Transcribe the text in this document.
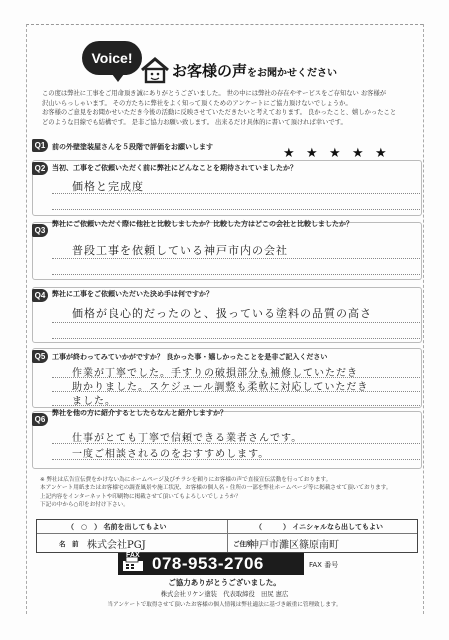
Voice!
お客様の声をお聞かせください

この度は弊社に工事をご用命頂き誠にありがとうございました。 世の中には弊社の存在やサービスをご存知ない お客様が

沢山いらっしゃいます。 その方たちに弊社をよく知って頂くためのアンケートにご協力頂けないでしょうか。

お客様のご意見をお聞かせいただき今後の活動に反映させていただきたいと考えております。 良かったこと、嬉しかったこと

どのような目線でも結構です。 是非ご協力お願い致します。 出来るだけ具体的に書いて頂ければ幸いです。

Q1 前の外壁塗装屋さんを５段階で評価をお願いします	★ ★ ★ ★ ★
Q2 当初、工事をご依頼いただく前に弊社にどんなことを期待されていましたか？
価格と完成度
Q3
弊社にご依頼いただく際に他社と比較しましたか？比較した方はどこの会社と比較しましたか？
普段工事を依頼している神戸市内の会社
Q4 弊社に工事をご依頼いただいた決め手は何ですか？
価格が良心的だったのと、扱っている塗料の品質の高さ
Q5 工事が終わってみていかがですか？ 良かった事・嬉しかったことを是非ご記入ください
作業が丁寧でした。手すりの破損部分も補修していただき
助かりました。スケジュール調整も柔軟に対応していただき
ました。
Q6
弊社を他の方に紹介するとしたらなんと紹介しますか？
仕事がとても丁寧で信頼できる業者さんです。
一度ご相談されるのをおすすめします。

※ 弊社は広告宣伝費をかけない為にホームページ及びチラシを頼りにお客様の声で直接宣伝活動を行っております。

本アンケート用紙またはお客様宅の調査風景や施工状況、お客様の個人名・住所の一部を弊社ホームページ等に掲載させて頂いております。

上記内容をインターネットや印刷物に掲載させて頂いてもよろしいでしょうか？

下記の中から○印をお付け下さい。

（　○　） 名前を出してもよい	（　　　） イニシャルなら出してもよい
名　前 株式会社PGJ	ご住所
神戸市灘区篠原南町
FAX 078-953-2706	FAX 番号
ご協力ありがとうございました。
株式会社リケン塗装　代表取締役　田尻 憲広
当アンケートで取得させて頂いたお客様の個人情報は弊社適法に基づき厳重に管理致します。
